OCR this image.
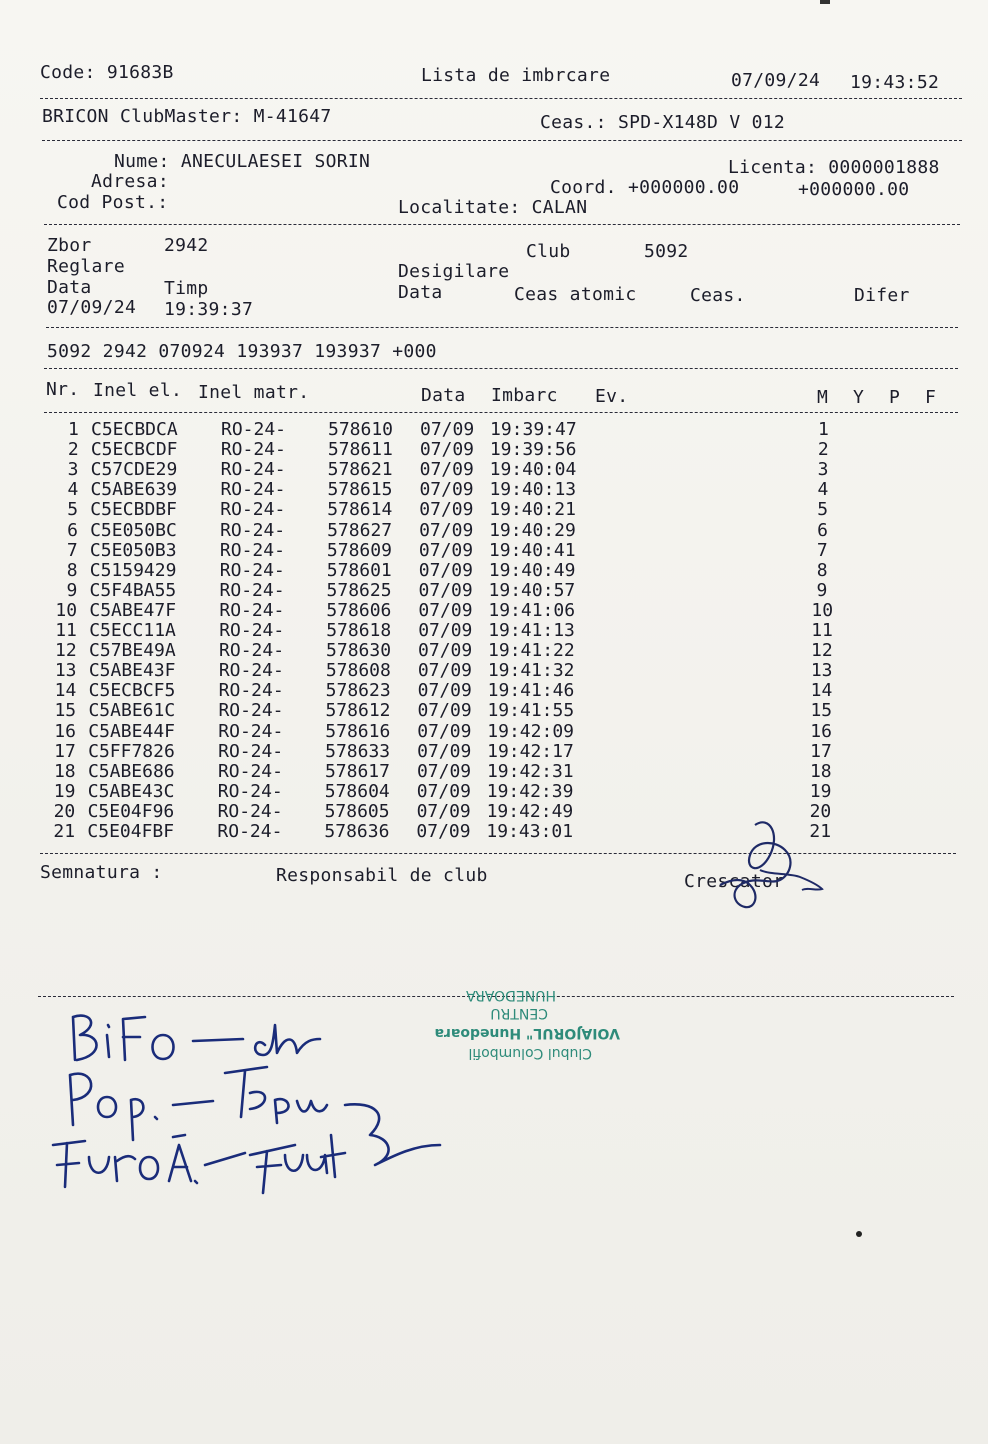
Code: 91683B	Lista de imbrcare	07/09/24 19:43:52
BRICON ClubMaster: M-41647	Ceas.: SPD-X148D V 012
Nume: ANECULAESEI SORIN	Licenta: 0000001888
Adresa:	Coord. +000000.00	+000000.00
Cod Post.:	Localitate: CALAN
Zbor	2942	Club	5092
Reglare	Desigilare
Data	Timp	Data	Ceas atomic	Ceas.	Difer
07/09/24 19:39:37
5092 2942 070924 193937 193937 +000
Nr. Inel el. Inel matr.	Data Imbarc Ev.	M Y P F
1 C5ECBDCA RO-24- 578610 07/09 19:39:47	1
2 C5ECBCDF RO-24- 578611 07/09 19:39:56	2
3 C57CDE29 RO-24- 578621 07/09 19:40:04	3
4 C5ABE639 RO-24- 578615 07/09 19:40:13	4
5 C5ECBDBF RO-24- 578614 07/09 19:40:21	5
6 C5E050BC RO-24- 578627 07/09 19:40:29	6
7 C5E050B3 RO-24- 578609 07/09 19:40:41	7
8 C5159429 RO-24- 578601 07/09 19:40:49	8
9 C5F4BA55 RO-24- 578625 07/09 19:40:57	9
10 C5ABE47F RO-24- 578606 07/09 19:41:06	10
11 C5ECC11A RO-24- 578618 07/09 19:41:13	11
12 C57BE49A RO-24- 578630 07/09 19:41:22	12
13 C5ABE43F RO-24- 578608 07/09 19:41:32	13
14 C5ECBCF5 RO-24- 578623 07/09 19:41:46	14
15 C5ABE61C RO-24- 578612 07/09 19:41:55	15
16 C5ABE44F RO-24- 578616 07/09 19:42:09	16
17 C5FF7826 RO-24- 578633 07/09 19:42:17	17
18 C5ABE686 RO-24- 578617 07/09 19:42:31	18
19 C5ABE43C RO-24- 578604 07/09 19:42:39	19
20 C5E04F96 RO-24- 578605 07/09 19:42:49	20
21 C5E04FBF RO-24- 578636 07/09 19:43:01	21
Semnatura :	Responsabil de club	Crescator
Clubul Columbofil
VOIAJORUL" Hunedoara
CENTRU
HUNEDOARA
